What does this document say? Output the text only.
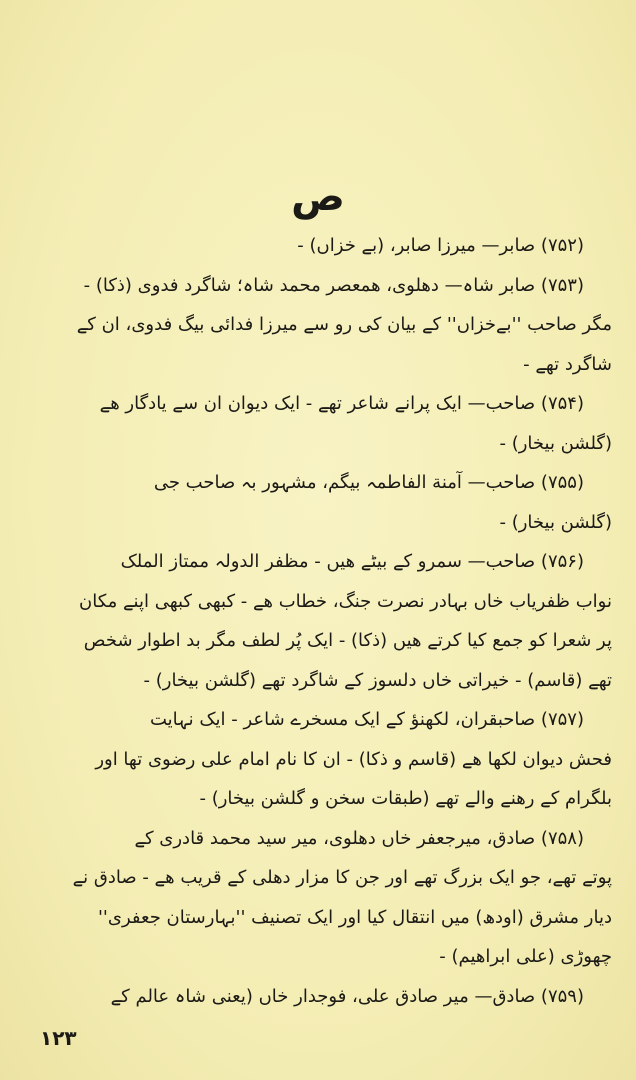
ص
(۷۵۲) صابر— میرزا صابر، (بے خزاں) -
(۷۵۳) صابر شاہ— دھلوی، ھمعصر محمد شاہ؛ شاگرد فدوی (ذکا) -
مگر صاحب ''بےخزاں'' کے بیان کی رو سے میرزا فدائی بیگ فدوی، ان کے
شاگرد تھے -
(۷۵۴) صاحب— ایک پرانے شاعر تھے - ایک دیوان ان سے یادگار ھے
(گلشن بیخار) -
(۷۵۵) صاحب— آمنة الفاطمہ بیگم، مشہور بہ صاحب جی
(گلشن بیخار) -
(۷۵۶) صاحب— سمرو کے بیٹے ھیں - مظفر الدولہ ممتاز الملک
نواب ظفریاب خاں بہادر نصرت جنگ، خطاب ھے - کبھی کبھی اپنے مکان
پر شعرا کو جمع کیا کرتے ھیں (ذکا) - ایک پُر لطف مگر بد اطوار شخص
تھے (قاسم) - خیراتی خاں دلسوز کے شاگرد تھے (گلشن بیخار) -
(۷۵۷) صاحبقران، لکھنؤ کے ایک مسخرے شاعر - ایک نہایت
فحش دیوان لکھا ھے (قاسم و ذکا) - ان کا نام امام علی رضوی تھا اور
بلگرام کے رھنے والے تھے (طبقات سخن و گلشن بیخار) -
(۷۵۸) صادق، میرجعفر خاں دھلوی، میر سید محمد قادری کے
پوتے تھے، جو ایک بزرگ تھے اور جن کا مزار دھلی کے قریب ھے - صادق نے
دیار مشرق (اودھ) میں انتقال کیا اور ایک تصنیف ''بہارستان جعفری''
چھوڑی (علی ابراھیم) -
(۷۵۹) صادق— میر صادق علی، فوجدار خاں (یعنی شاہ عالم کے
۱۲۳
